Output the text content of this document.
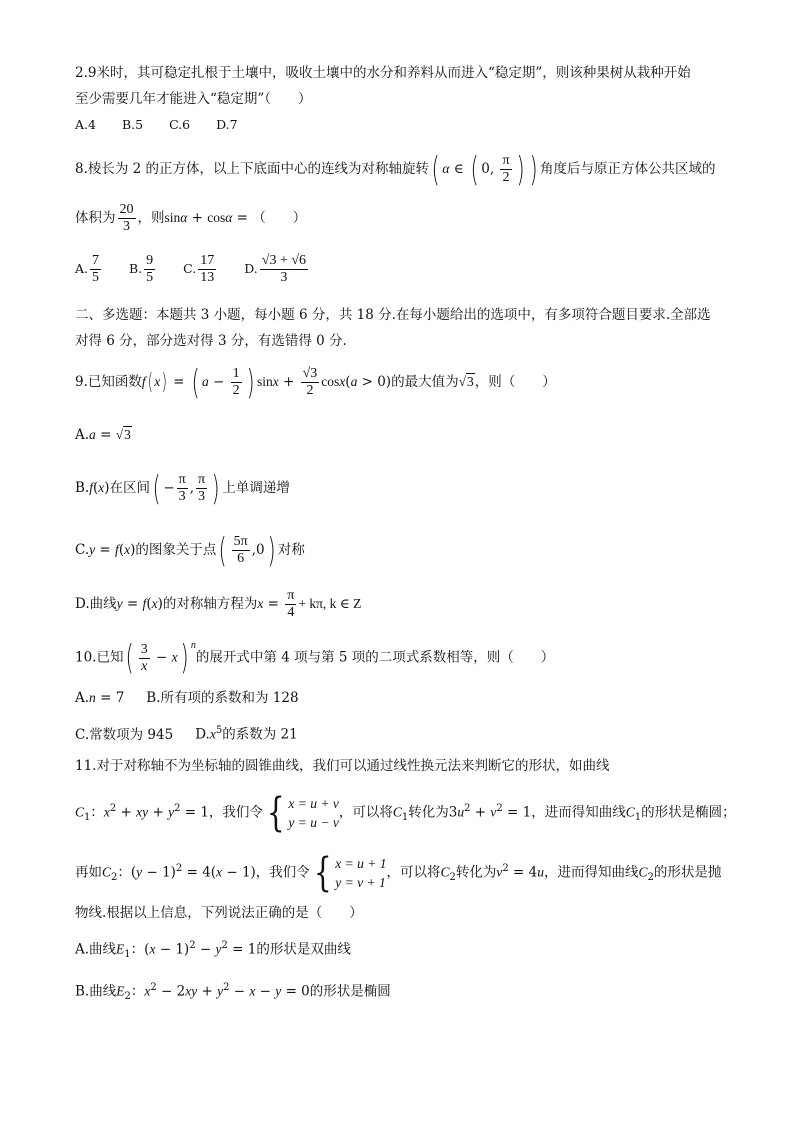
2.9米时，其可稳定扎根于土壤中，吸收土壤中的水分和养料从而进入“稳定期”，则该种果树从栽种开始
至少需要几年才能进入“稳定期”（　　）
A.4 B.5 C.6 D.7
8.棱长为 2 的正方体，以上下底面中心的连线为对称轴旋转( α ∈ ( 0, $\frac{\pi}{2}$ ) ) 角度后与原正方体公共区域的
体积为 $\frac{20}{3}$ ，则sinα + cosα = （　　）
A. $\frac{7}{5} B$. $\frac{9}{5} C$. $\frac{17}{13} D$. $\frac{√3 + √6}{3}$
二、多选题：本题共 3 小题，每小题 6 分，共 18 分.在每小题给出的选项中，有多项符合题目要求.全部选
对得 6 分，部分选对得 3 分，有选错得 0 分.
9.已知函数f( x) = ( $a - \frac{1}{2}$ ) $\sin x + \frac{√3}{2} \cos x(a > 0)$的最大值为√3，则（　　）
A.a = √3
B.f(x)在区间( − $\frac{\pi}{3}$ , $\frac{\pi}{3}$ ) 上单调递增
C.y = f(x)的图象关于点( $\frac{5\pi}{6} ,0$) 对称
D.曲线y = f(x)的对称轴方程为$x = \frac{\pi}{4} + k\pi$, k ∈ Z
10.已知( $\frac{3}{x} - x$) $^n$的展开式中第 4 项与第 5 项的二项式系数相等，则（　　）
A.n = 7 B.所有项的系数和为 128
C.常数项为 945 $D.x^5$的系数为 21
11.对于对称轴不为坐标轴的圆锥曲线，我们可以通过线性换元法来判断它的形状，如曲线
$C_1$：$x^2$ + xy + $y^2 = 1$，我们令{ x = u + v
y = u − v
，可以将$C_1$转化为$3u^2 + v^2 = 1$，进而得知曲线$C_1$的形状是椭圆；
再如$C_2$：$(y - 1)^2 = 4(x - 1)$，我们令{ x = u + 1
y = v + 1
，可以将$C_2$转化为$v^2 = 4u$，进而得知曲线$C_2$的形状是抛
物线.根据以上信息，下列说法正确的是（　　）
A.曲线$E_1$：$(x - 1)^2 - y^2 = 1$的形状是双曲线
B.曲线$E_2$：$x^2 - 2xy + y^2 - x - y = 0$的形状是椭圆
